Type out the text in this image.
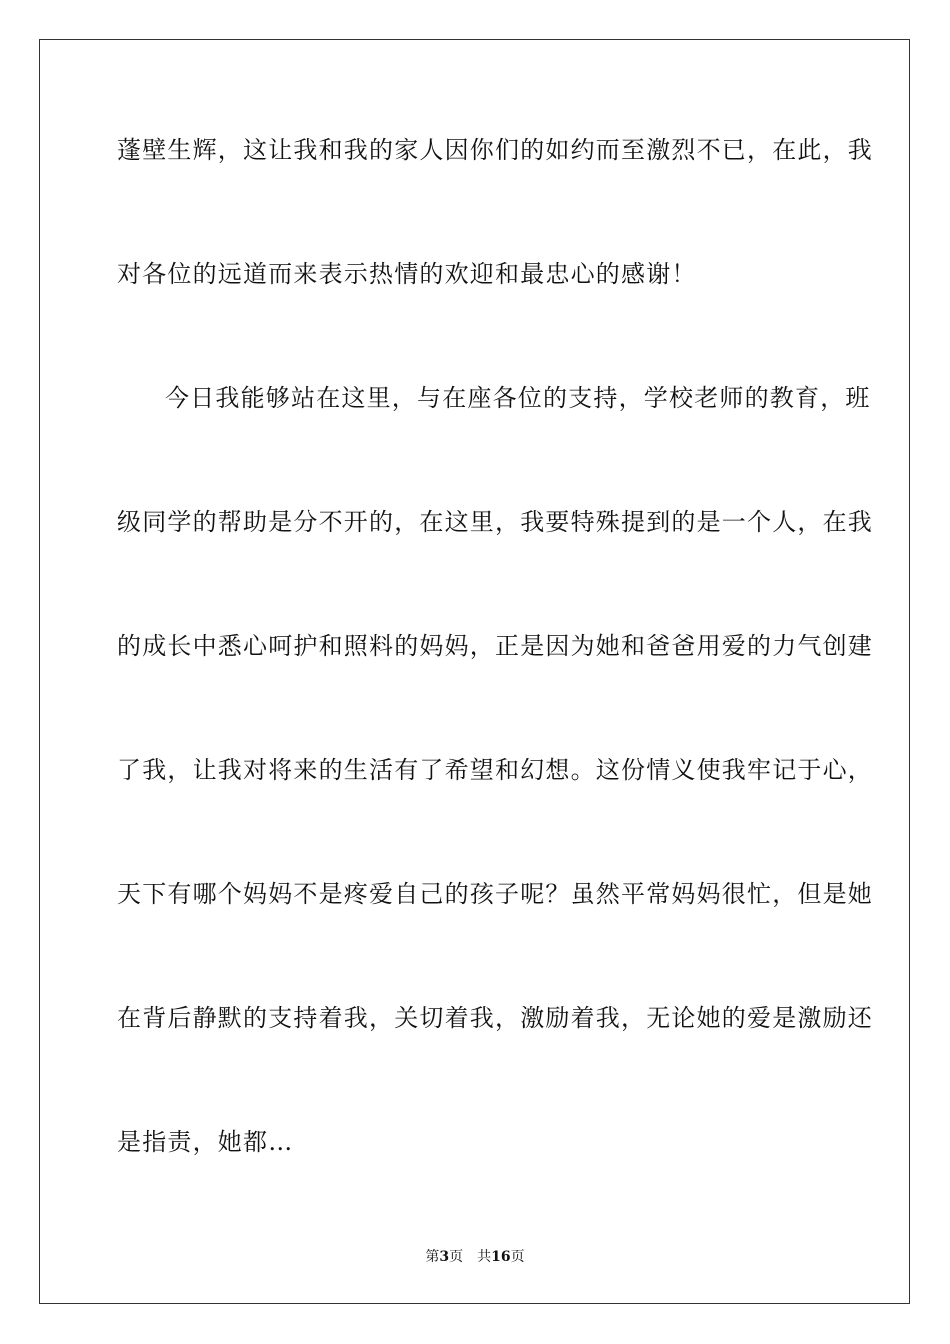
蓬壁生辉，这让我和我的家人因你们的如约而至激烈不已，在此，我
对各位的远道而来表示热情的欢迎和最忠心的感谢！
今日我能够站在这里，与在座各位的支持，学校老师的教育，班
级同学的帮助是分不开的，在这里，我要特殊提到的是一个人，在我
的成长中悉心呵护和照料的妈妈，正是因为她和爸爸用爱的力气创建
了我，让我对将来的生活有了希望和幻想。这份情义使我牢记于心，
天下有哪个妈妈不是疼爱自己的孩子呢？虽然平常妈妈很忙，但是她
在背后静默的支持着我，关切着我，激励着我，无论她的爱是激励还
是指责，她都…
第3页 共16页
